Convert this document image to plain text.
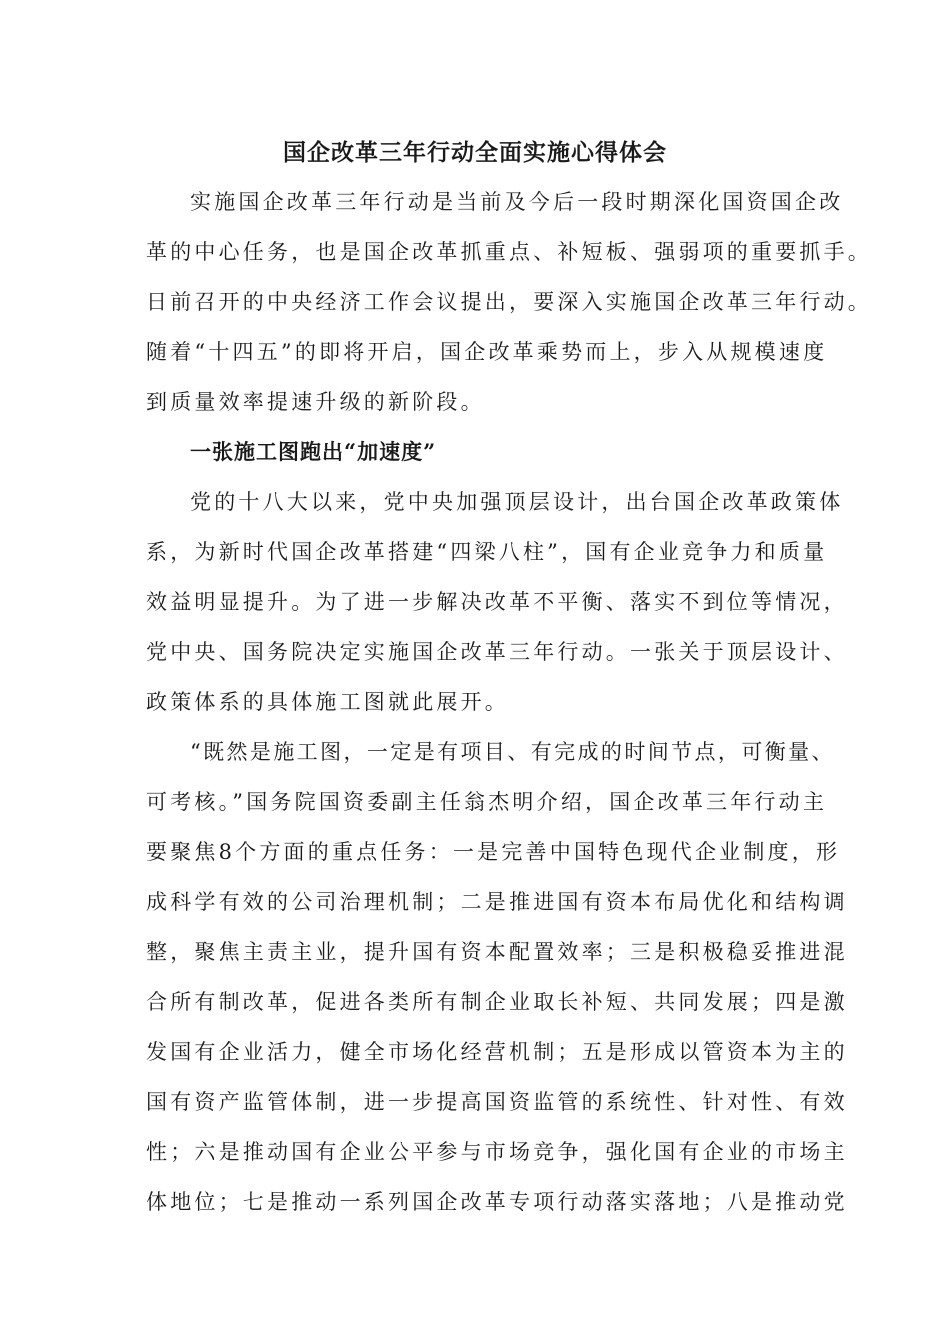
国企改革三年行动全面实施心得体会
实施国企改革三年行动是当前及今后一段时期深化国资国企改
革的中心任务，也是国企改革抓重点、补短板、强弱项的重要抓手。
日前召开的中央经济工作会议提出，要深入实施国企改革三年行动。
随着“十四五”的即将开启，国企改革乘势而上，步入从规模速度
到质量效率提速升级的新阶段。
一张施工图跑出“加速度”
党的十八大以来，党中央加强顶层设计，出台国企改革政策体
系，为新时代国企改革搭建“四梁八柱”，国有企业竞争力和质量
效益明显提升。为了进一步解决改革不平衡、落实不到位等情况，
党中央、国务院决定实施国企改革三年行动。一张关于顶层设计、
政策体系的具体施工图就此展开。
“既然是施工图，一定是有项目、有完成的时间节点，可衡量、
可考核。”国务院国资委副主任翁杰明介绍，国企改革三年行动主
要聚焦8个方面的重点任务：一是完善中国特色现代企业制度，形
成科学有效的公司治理机制；二是推进国有资本布局优化和结构调
整，聚焦主责主业，提升国有资本配置效率；三是积极稳妥推进混
合所有制改革，促进各类所有制企业取长补短、共同发展；四是激
发国有企业活力，健全市场化经营机制；五是形成以管资本为主的
国有资产监管体制，进一步提高国资监管的系统性、针对性、有效
性；六是推动国有企业公平参与市场竞争，强化国有企业的市场主
体地位；七是推动一系列国企改革专项行动落实落地；八是推动党
